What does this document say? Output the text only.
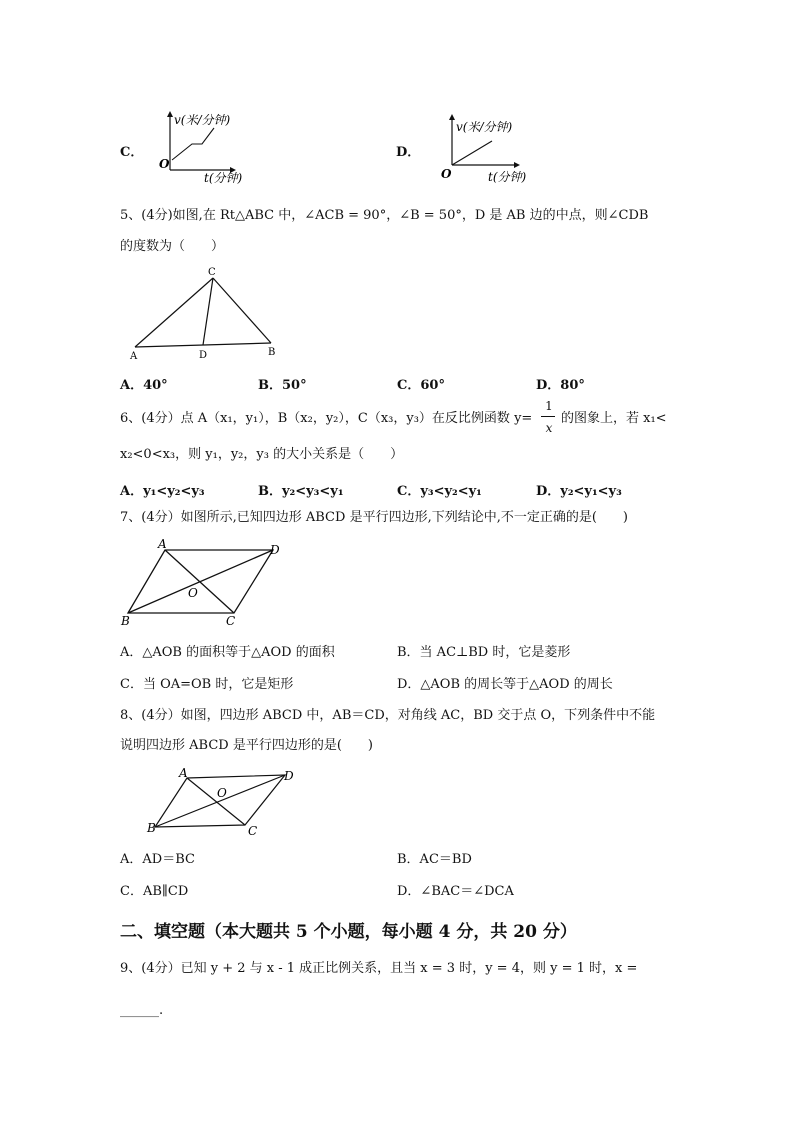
C．
O
v(米/分钟)
t(分钟)
D．
O
v(米/分钟)
t(分钟)
5、(4分)如图,在 Rt△ABC 中，∠ACB = 90°，∠B = 50°，D 是 AB 边的中点，则∠CDB
的度数为（　　）
C
A	D	B
A．40°	B．50°	C．60°	D．80°
6、(4分）点 A（x₁，y₁），B（x₂，y₂），C（x₃，y₃）在反比例函数 y=
1
x
的图象上，若 x₁<
x₂<0<x₃，则 y₁，y₂，y₃ 的大小关系是（　　）
A．y₁<y₂<y₃	B．y₂<y₃<y₁	C．y₃<y₂<y₁	D．y₂<y₁<y₃
7、(4分）如图所示,已知四边形 ABCD 是平行四边形,下列结论中,不一定正确的是(　　)
A	D
B	C
O
A．△AOB 的面积等于△AOD 的面积	B．当 AC⊥BD 时，它是菱形
C．当 OA=OB 时，它是矩形	D．△AOB 的周长等于△AOD 的周长
8、(4分）如图，四边形 ABCD 中，AB＝CD，对角线 AC，BD 交于点 O，下列条件中不能
说明四边形 ABCD 是平行四边形的是(　　)
A	D
B	C
O
A．AD＝BC	B．AC＝BD
C．AB∥CD	D．∠BAC＝∠DCA
二、填空题（本大题共 5 个小题，每小题 4 分，共 20 分）
9、(4分）已知 y + 2 与 x - 1 成正比例关系，且当 x = 3 时，y = 4，则 y = 1 时，x =
______.
